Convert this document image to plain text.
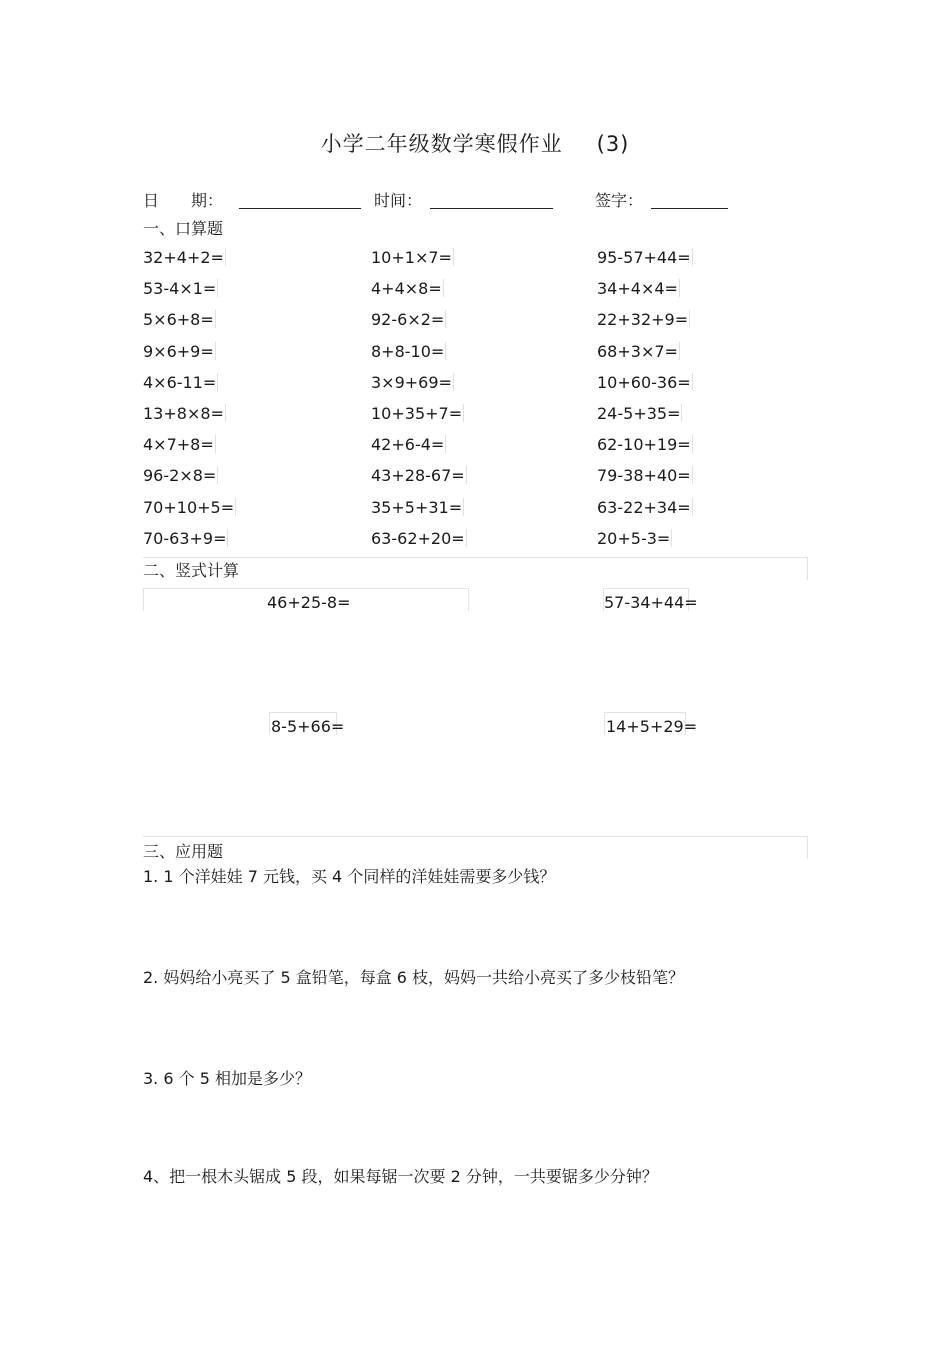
小学二年级数学寒假作业 (3)
日　　期：	时间：	签字：
一、口算题
32+4+2=	10+1×7=	95-57+44=
53-4×1=	4+4×8=	34+4×4=
5×6+8=	92-6×2=	22+32+9=
9×6+9=	8+8-10=	68+3×7=
4×6-11=	3×9+69=	10+60-36=
13+8×8=	10+35+7=	24-5+35=
4×7+8=	42+6-4=	62-10+19=
96-2×8=	43+28-67=	79-38+40=
70+10+5=	35+5+31=	63-22+34=
70-63+9=	63-62+20=	20+5-3=
二、竖式计算
46+25-8=	57-34+44=
8-5+66=	14+5+29=
三、应用题
1. 1 个洋娃娃 7 元钱，买 4 个同样的洋娃娃需要多少钱？
2. 妈妈给小亮买了 5 盒铅笔，每盒 6 枝，妈妈一共给小亮买了多少枝铅笔？
3. 6 个 5 相加是多少？
4、把一根木头锯成 5 段，如果每锯一次要 2 分钟，一共要锯多少分钟？
